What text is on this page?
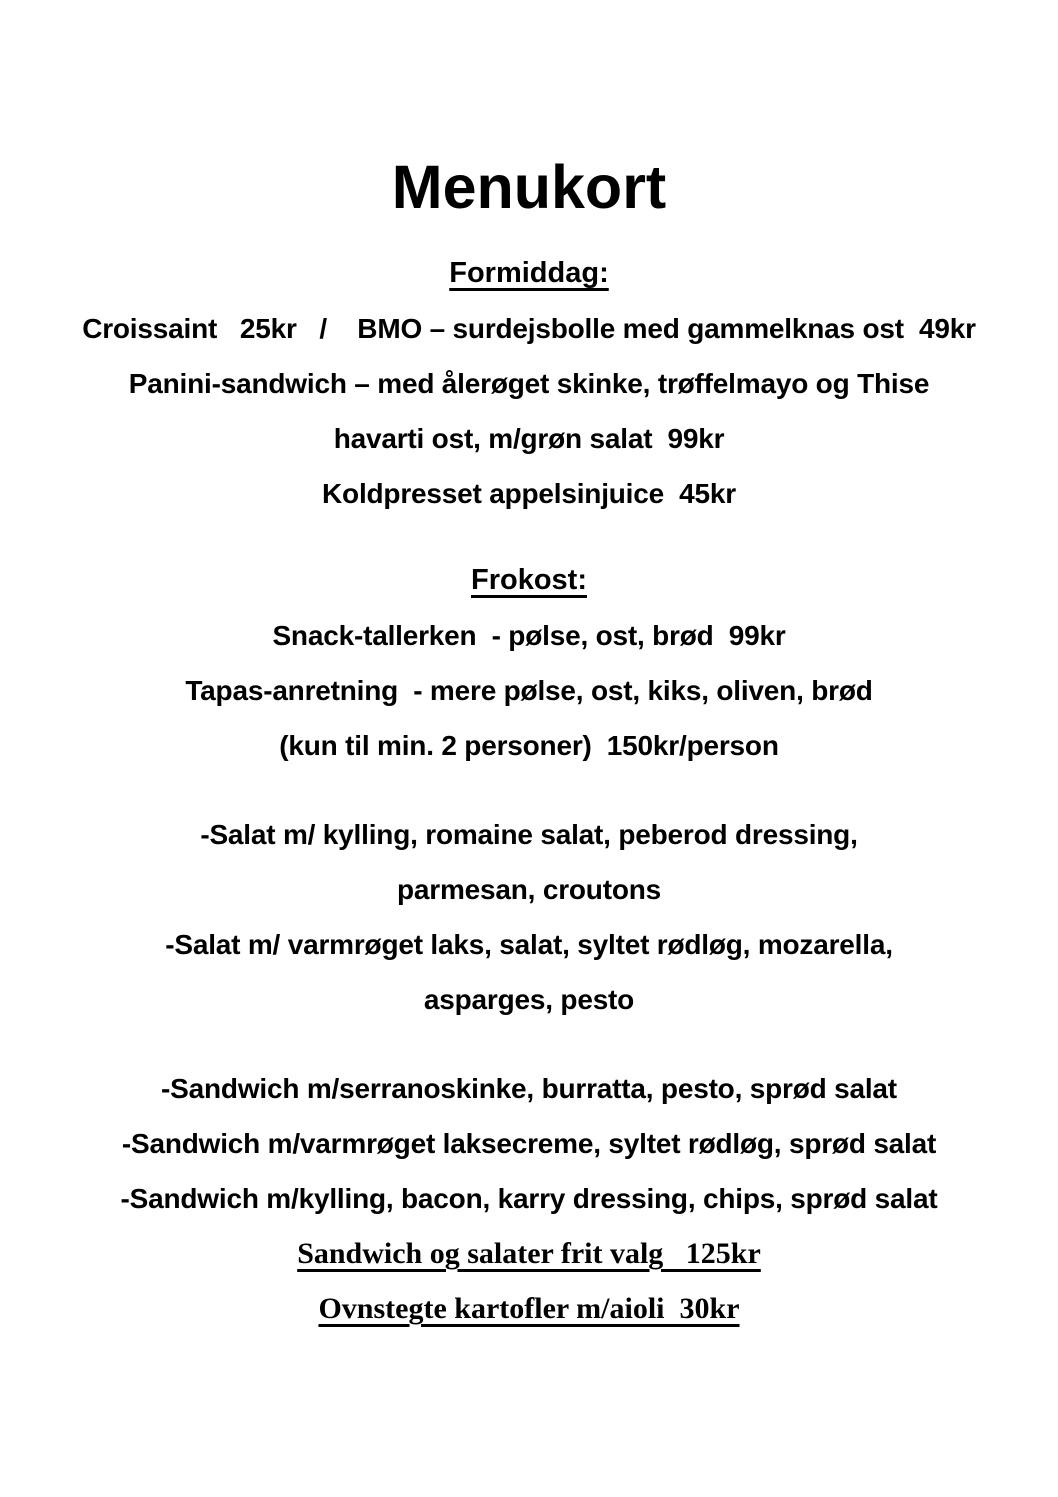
Menukort
Formiddag:

Croissaint   25kr   /    BMO – surdejsbolle med gammelknas ost  49kr

Panini-sandwich – med ålerøget skinke, trøffelmayo og Thise

havarti ost, m/grøn salat  99kr

Koldpresset appelsinjuice  45kr

Frokost:

Snack-tallerken  - pølse, ost, brød  99kr

Tapas-anretning  - mere pølse, ost, kiks, oliven, brød

(kun til min. 2 personer)  150kr/person

-Salat m/ kylling, romaine salat, peberod dressing,

parmesan, croutons

-Salat m/ varmrøget laks, salat, syltet rødløg, mozarella,

asparges, pesto

-Sandwich m/serranoskinke, burratta, pesto, sprød salat

-Sandwich m/varmrøget laksecreme, syltet rødløg, sprød salat

-Sandwich m/kylling, bacon, karry dressing, chips, sprød salat

Sandwich og salater frit valg   125kr

Ovnstegte kartofler m/aioli  30kr
